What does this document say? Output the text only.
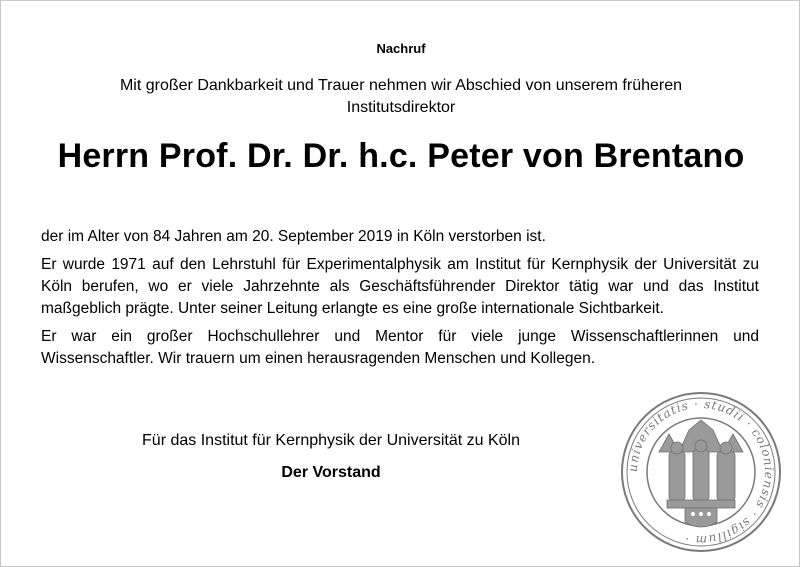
Nachruf
Mit großer Dankbarkeit und Trauer nehmen wir Abschied von unserem früheren Institutsdirektor
Herrn Prof. Dr. Dr. h.c. Peter von Brentano

der im Alter von 84 Jahren am 20. September 2019 in Köln verstorben ist.

Er wurde 1971 auf den Lehrstuhl für Experimentalphysik am Institut für Kernphysik der Universität zu Köln berufen, wo er viele Jahrzehnte als Geschäftsführender Direktor tätig war und das Institut maßgeblich prägte. Unter seiner Leitung erlangte es eine große internationale Sichtbarkeit.

Er war ein großer Hochschullehrer und Mentor für viele junge Wissenschaftlerinnen und Wissenschaftler. Wir trauern um einen herausragenden Menschen und Kollegen.

Für das Institut für Kernphysik der Universität zu Köln
Der Vorstand	universitatis · studii · coloniensis · sigillum ·
